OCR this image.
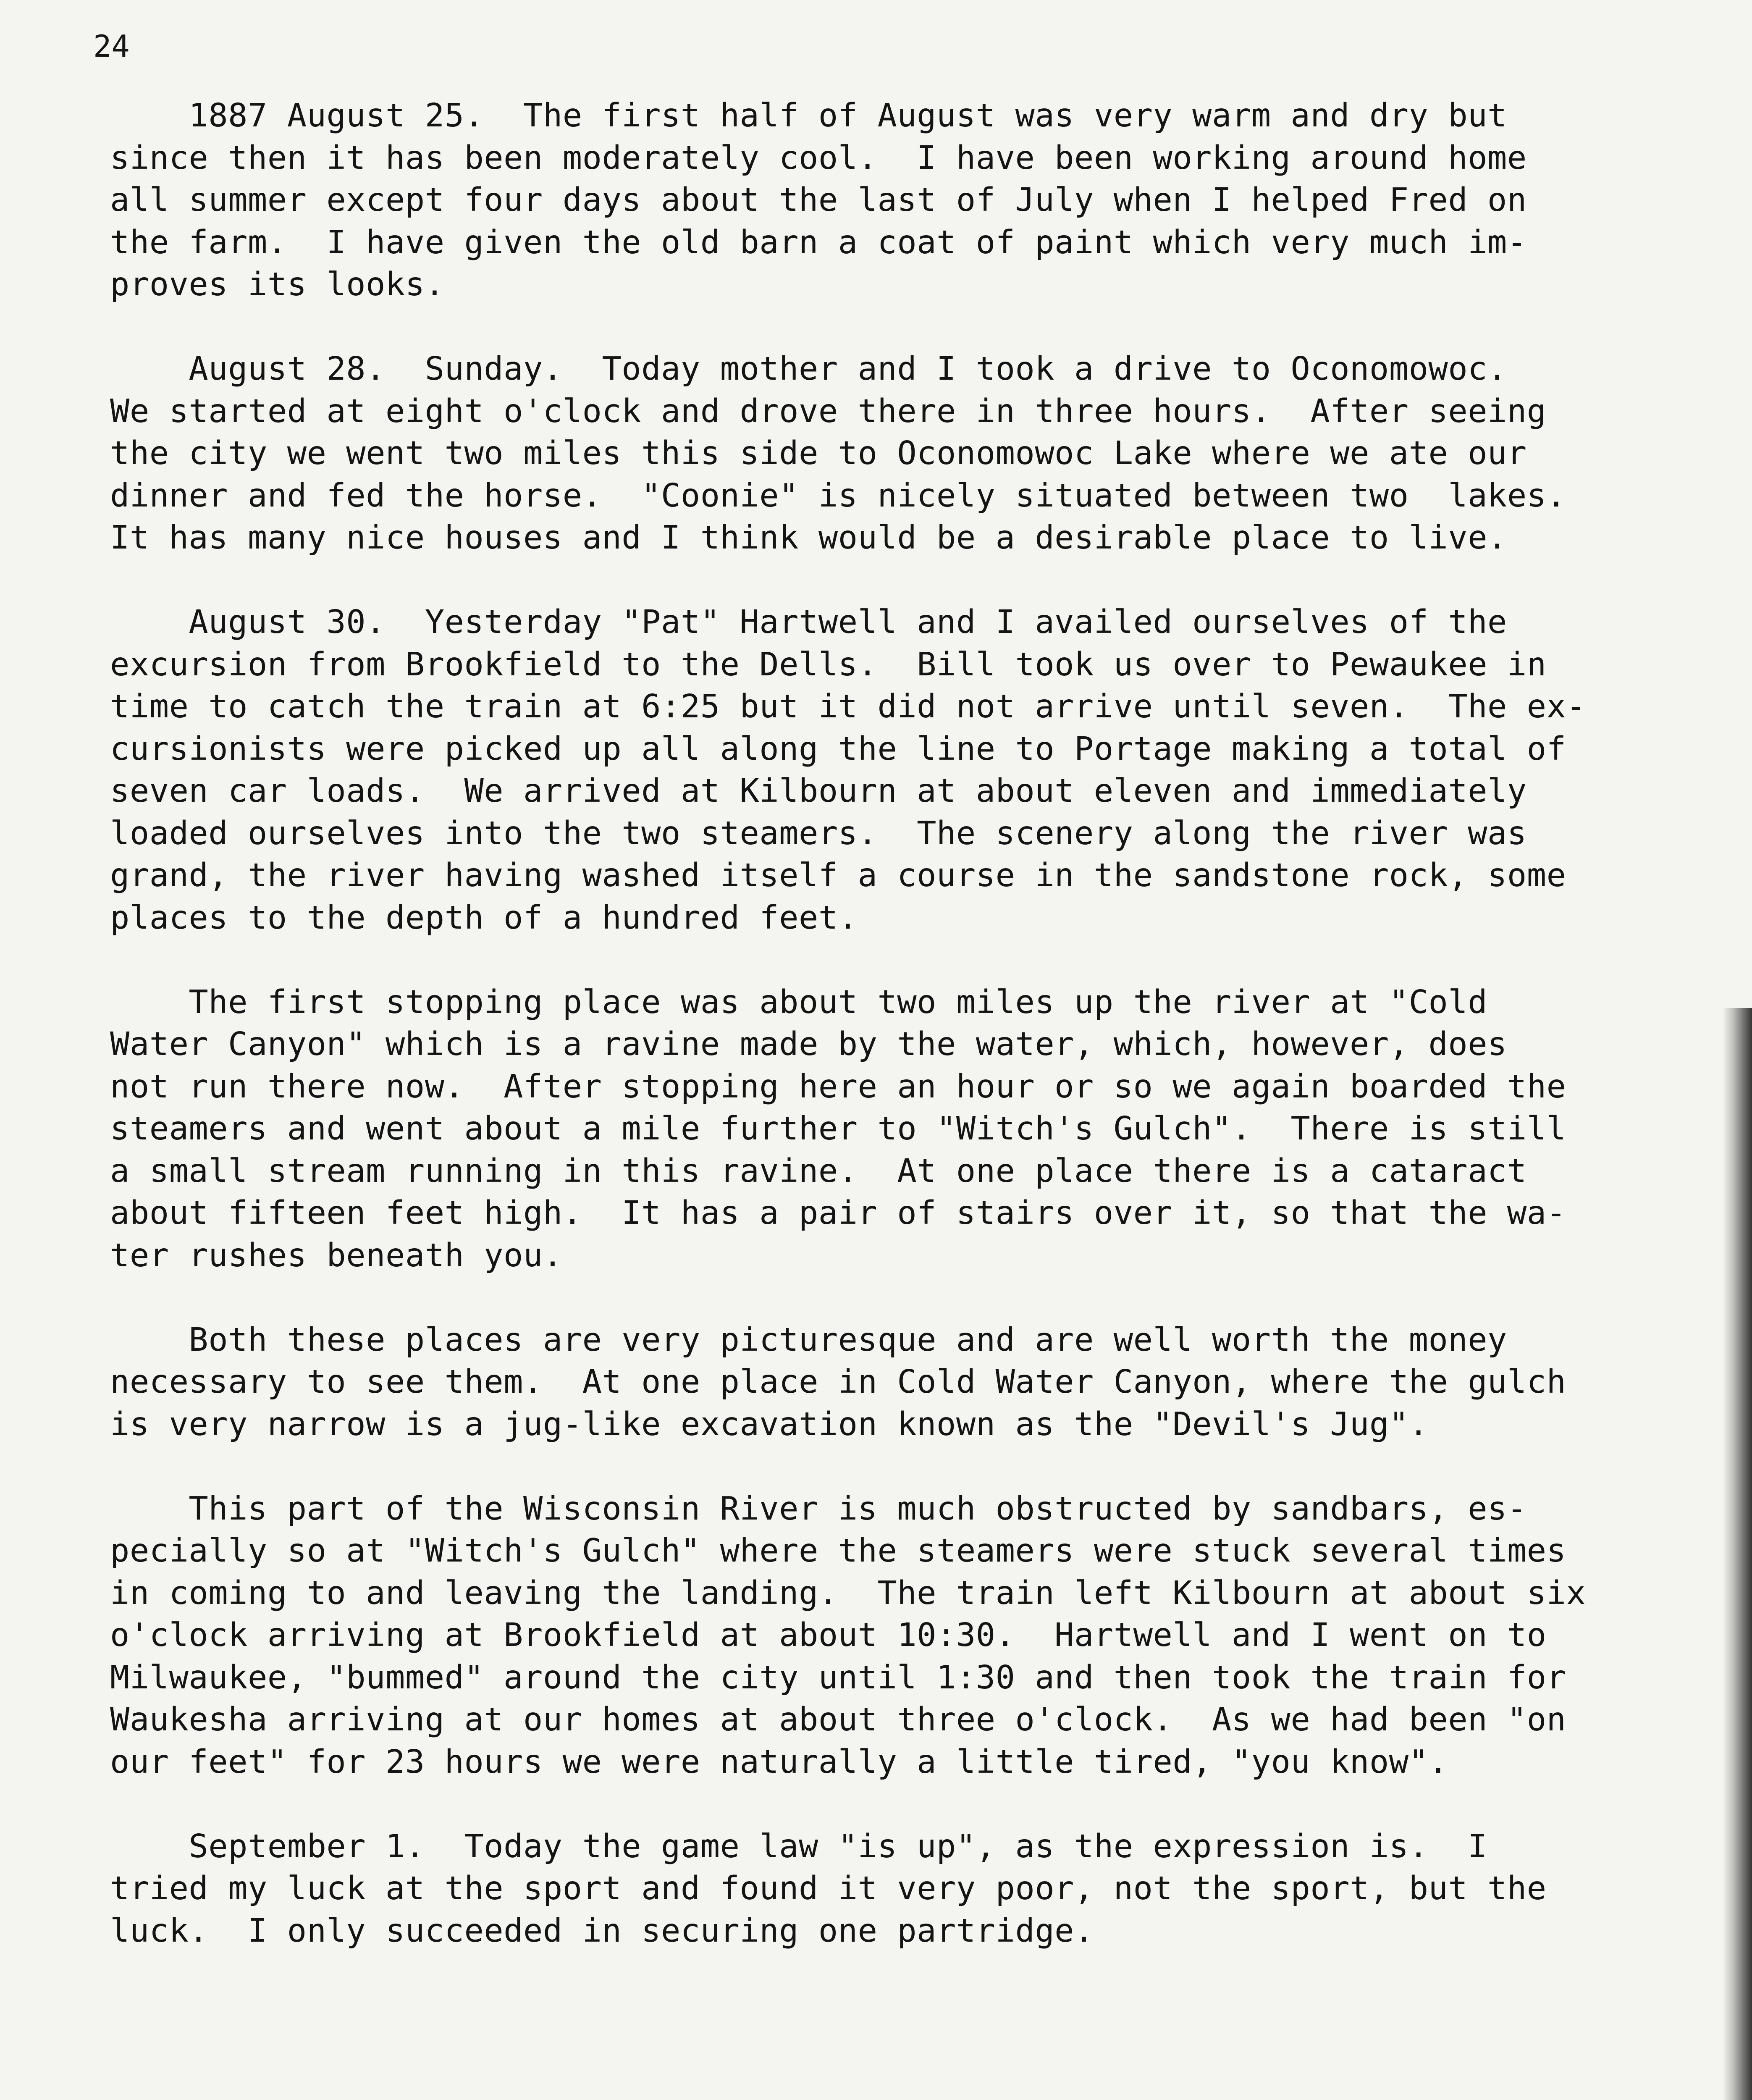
24
1887 August 25.  The first half of August was very warm and dry but
since then it has been moderately cool.  I have been working around home
all summer except four days about the last of July when I helped Fred on
the farm.  I have given the old barn a coat of paint which very much im-
proves its looks.
August 28.  Sunday.  Today mother and I took a drive to Oconomowoc.
We started at eight o'clock and drove there in three hours.  After seeing
the city we went two miles this side to Oconomowoc Lake where we ate our
dinner and fed the horse.  "Coonie" is nicely situated between two  lakes.
It has many nice houses and I think would be a desirable place to live.
August 30.  Yesterday "Pat" Hartwell and I availed ourselves of the
excursion from Brookfield to the Dells.  Bill took us over to Pewaukee in
time to catch the train at 6:25 but it did not arrive until seven.  The ex-
cursionists were picked up all along the line to Portage making a total of
seven car loads.  We arrived at Kilbourn at about eleven and immediately
loaded ourselves into the two steamers.  The scenery along the river was
grand, the river having washed itself a course in the sandstone rock, some
places to the depth of a hundred feet.
The first stopping place was about two miles up the river at "Cold
Water Canyon" which is a ravine made by the water, which, however, does
not run there now.  After stopping here an hour or so we again boarded the
steamers and went about a mile further to "Witch's Gulch".  There is still
a small stream running in this ravine.  At one place there is a cataract
about fifteen feet high.  It has a pair of stairs over it, so that the wa-
ter rushes beneath you.
Both these places are very picturesque and are well worth the money
necessary to see them.  At one place in Cold Water Canyon, where the gulch
is very narrow is a jug-like excavation known as the "Devil's Jug".
This part of the Wisconsin River is much obstructed by sandbars, es-
pecially so at "Witch's Gulch" where the steamers were stuck several times
in coming to and leaving the landing.  The train left Kilbourn at about six
o'clock arriving at Brookfield at about 10:30.  Hartwell and I went on to
Milwaukee, "bummed" around the city until 1:30 and then took the train for
Waukesha arriving at our homes at about three o'clock.  As we had been "on
our feet" for 23 hours we were naturally a little tired, "you know".
September 1.  Today the game law "is up", as the expression is.  I
tried my luck at the sport and found it very poor, not the sport, but the
luck.  I only succeeded in securing one partridge.
